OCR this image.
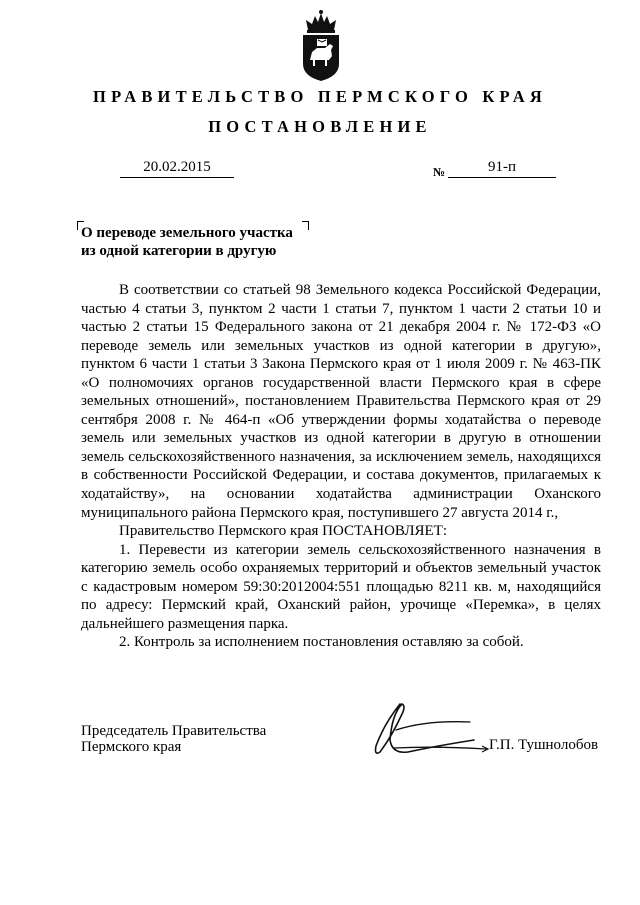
ПРАВИТЕЛЬСТВО ПЕРМСКОГО КРАЯ
ПОСТАНОВЛЕНИЕ
20.02.2015	№	91-п
О переводе земельного участка
из одной категории в другую

В соответствии со статьей 98 Земельного кодекса Российской Федерации, частью 4 статьи 3, пунктом 2 части 1 статьи 7, пунктом 1 части 2 статьи 10 и частью 2 статьи 15 Федерального закона от 21 декабря 2004 г. № 172-ФЗ «О переводе земель или земельных участков из одной категории в другую», пунктом 6 части 1 статьи 3 Закона Пермского края от 1 июля 2009 г. № 463-ПК «О полномочиях органов государственной власти Пермского края в сфере земельных отношений», постановлением Правительства Пермского края от 29 сентября 2008 г. № 464-п «Об утверждении формы ходатайства о переводе земель или земельных участков из одной категории в другую в отношении земель сельскохозяйственного назначения, за исключением земель, находящихся в собственности Российской Федерации, и состава документов, прилагаемых к ходатайству», на основании ходатайства администрации Оханского муниципального района Пермского края, поступившего 27 августа 2014 г.,

Правительство Пермского края ПОСТАНОВЛЯЕТ:

1. Перевести из категории земель сельскохозяйственного назначения в категорию земель особо охраняемых территорий и объектов земельный участок с кадастровым номером 59:30:2012004:551 площадью 8211 кв. м, находящийся по адресу: Пермский край, Оханский район, урочище «Перемка», в целях дальнейшего размещения парка.

2. Контроль за исполнением постановления оставляю за собой.

Председатель Правительства
Пермского края	Г.П. Тушнолобов
